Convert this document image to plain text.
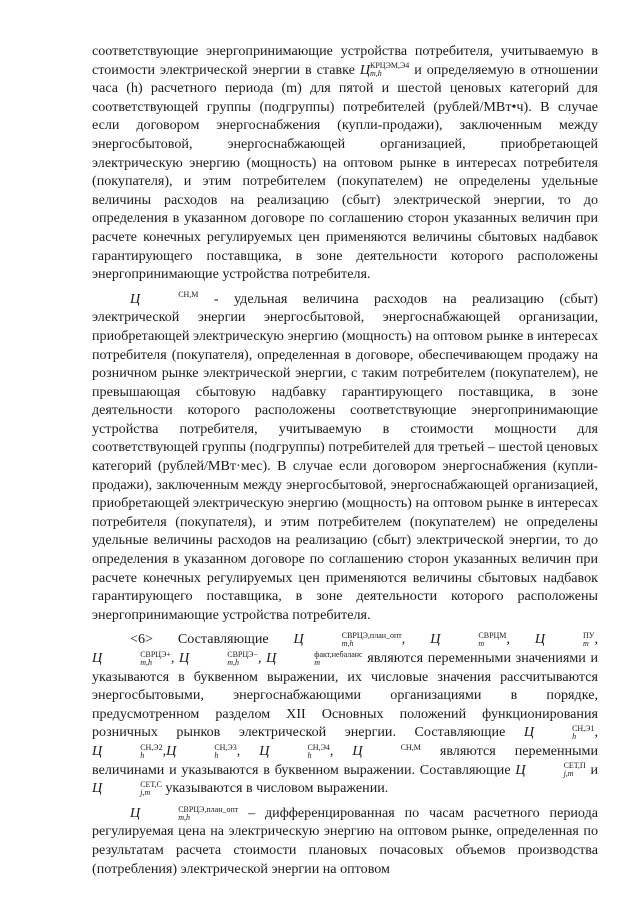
соответствующие энергопринимающие устройства потребителя, учитываемую в стоимости электрической энергии в ставке Ц КРЦЭМ,Э4
m,h	и определяемую в отношении часа (h) расчетного периода (m) для пятой и шестой ценовых категорий для соответствующей группы (подгруппы) потребителей (рублей/МВт•ч). В случае если договором энергоснабжения (купли-продажи), заключенным между энергосбытовой, энергоснабжающей организацией, приобретающей электрическую энергию (мощность) на оптовом рынке в интересах потребителя (покупателя), и этим потребителем (покупателем) не определены удельные величины расходов на реализацию (сбыт) электрической энергии, то до определения в указанном договоре по соглашению сторон указанных величин при расчете конечных регулируемых цен применяются величины сбытовых надбавок гарантирующего поставщика, в зоне деятельности которого расположены энергопринимающие устройства потребителя.

Ц	СН,М
- удельная величина расходов на реализацию (сбыт) электрической энергии энергосбытовой, энергоснабжающей организации, приобретающей электрическую энергию (мощность) на оптовом рынке в интересах потребителя (покупателя), определенная в договоре, обеспечивающем продажу на розничном рынке электрической энергии, с таким потребителем (покупателем), не превышающая сбытовую надбавку гарантирующего поставщика, в зоне деятельности которого расположены соответствующие энергопринимающие устройства потребителя, учитываемую в стоимости мощности для соответствующей группы (подгруппы) потребителей для третьей – шестой ценовых категорий (рублей/МВт·мес). В случае если договором энергоснабжения (купли-продажи), заключенным между энергосбытовой, энергоснабжающей организацией, приобретающей электрическую энергию (мощность) на оптовом рынке в интересах потребителя (покупателя), и этим потребителем (покупателем) не определены удельные величины расходов на реализацию (сбыт) электрической энергии, то до определения в указанном договоре по соглашению сторон указанных величин при расчете конечных регулируемых цен применяются величины сбытовых надбавок гарантирующего поставщика, в зоне деятельности которого расположены энергопринимающие устройства потребителя.

<6> Составляющие Ц	СВРЦЭ,план_опт
m,h	, Ц	СВРЦМ
m	, Ц	ПУ
m , Ц	СВРЦЭ+
m,h	, Ц	СВРЦЭ−
m,h	, Ц	факт,небаланс
m	являются переменными значениями и указываются в буквенном выражении, их числовые значения рассчитываются энергосбытовыми, энергоснабжающими организациями в порядке, предусмотренном разделом XII Основных положений функционирования розничных рынков электрической энергии. Составляющие Ц	СН,Э1
h	, Ц	СН,Э2
h	,Ц	СН,Э3
h	, Ц	СН,Э4
h	, Ц	СН,М
являются переменными величинами и указываются в буквенном выражении. Составляющие Ц	СЕТ,П
j,m и Ц	СЕТ,С
j,m указываются в числовом выражении.

Ц	СВРЦЭ,план_опт
m,h	– дифференцированная по часам расчетного периода регулируемая цена на электрическую энергию на оптовом рынке, определенная по результатам расчета стоимости плановых почасовых объемов производства (потребления) электрической энергии на оптовом
